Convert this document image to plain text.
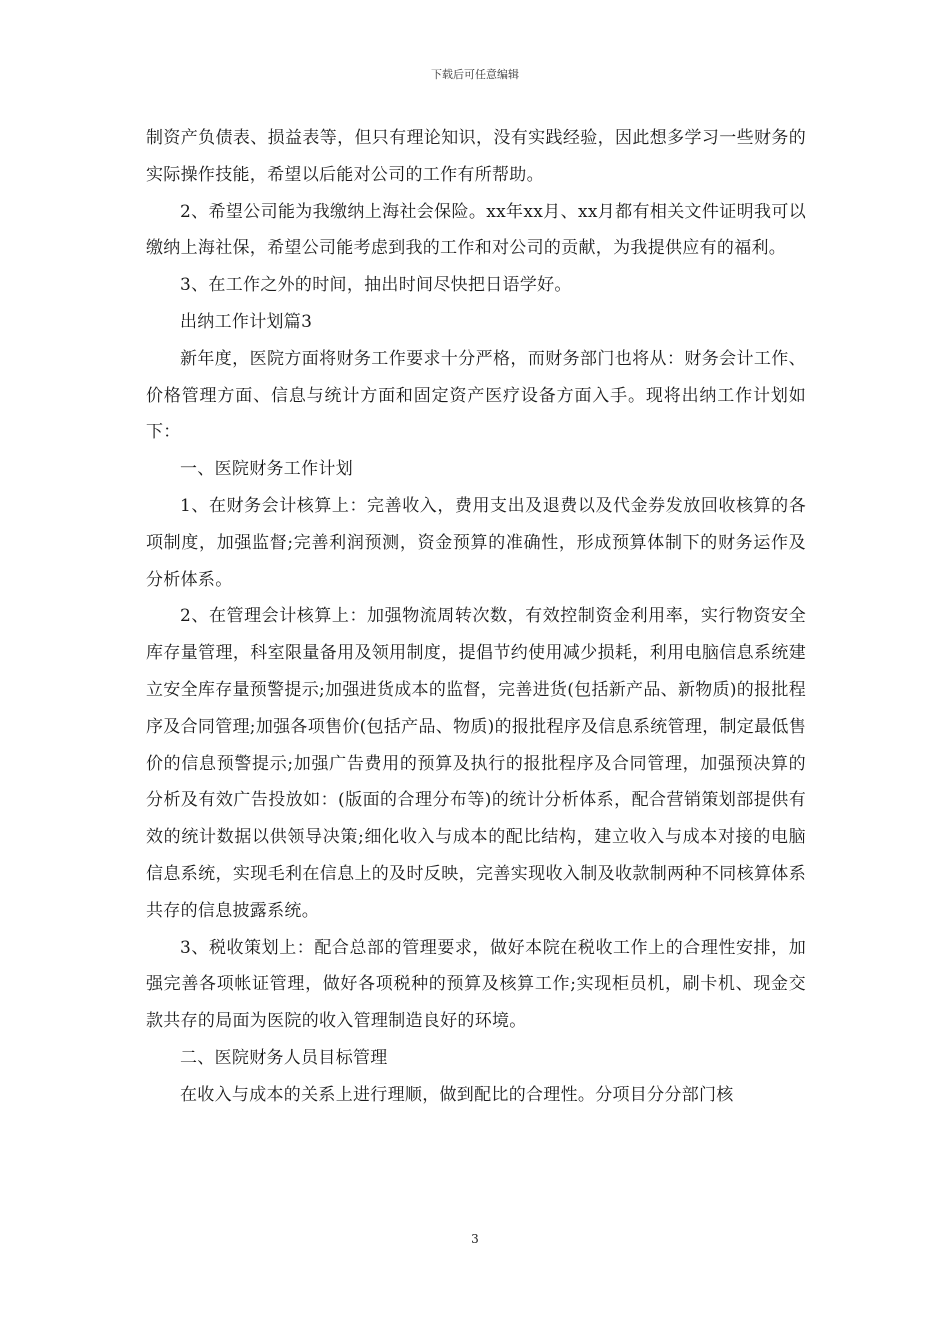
下载后可任意编辑

制资产负债表、损益表等，但只有理论知识，没有实践经验，因此想多学习一些财务的实际操作技能，希望以后能对公司的工作有所帮助。

2、希望公司能为我缴纳上海社会保险。xx年xx月、xx月都有相关文件证明我可以缴纳上海社保，希望公司能考虑到我的工作和对公司的贡献，为我提供应有的福利。

3、在工作之外的时间，抽出时间尽快把日语学好。

出纳工作计划篇3

新年度，医院方面将财务工作要求十分严格，而财务部门也将从：财务会计工作、价格管理方面、信息与统计方面和固定资产医疗设备方面入手。现将出纳工作计划如下：

一、医院财务工作计划

1、在财务会计核算上：完善收入，费用支出及退费以及代金券发放回收核算的各项制度，加强监督;完善利润预测，资金预算的准确性，形成预算体制下的财务运作及分析体系。

2、在管理会计核算上：加强物流周转次数，有效控制资金利用率，实行物资安全库存量管理，科室限量备用及领用制度，提倡节约使用减少损耗，利用电脑信息系统建立安全库存量预警提示;加强进货成本的监督，完善进货(包括新产品、新物质)的报批程序及合同管理;加强各项售价(包括产品、物质)的报批程序及信息系统管理，制定最低售价的信息预警提示;加强广告费用的预算及执行的报批程序及合同管理，加强预决算的分析及有效广告投放如：(版面的合理分布等)的统计分析体系，配合营销策划部提供有效的统计数据以供领导决策;细化收入与成本的配比结构，建立收入与成本对接的电脑信息系统，实现毛利在信息上的及时反映，完善实现收入制及收款制两种不同核算体系共存的信息披露系统。

3、税收策划上：配合总部的管理要求，做好本院在税收工作上的合理性安排，加强完善各项帐证管理，做好各项税种的预算及核算工作;实现柜员机，刷卡机、现金交款共存的局面为医院的收入管理制造良好的环境。

二、医院财务人员目标管理

在收入与成本的关系上进行理顺，做到配比的合理性。分项目分分部门核

3
